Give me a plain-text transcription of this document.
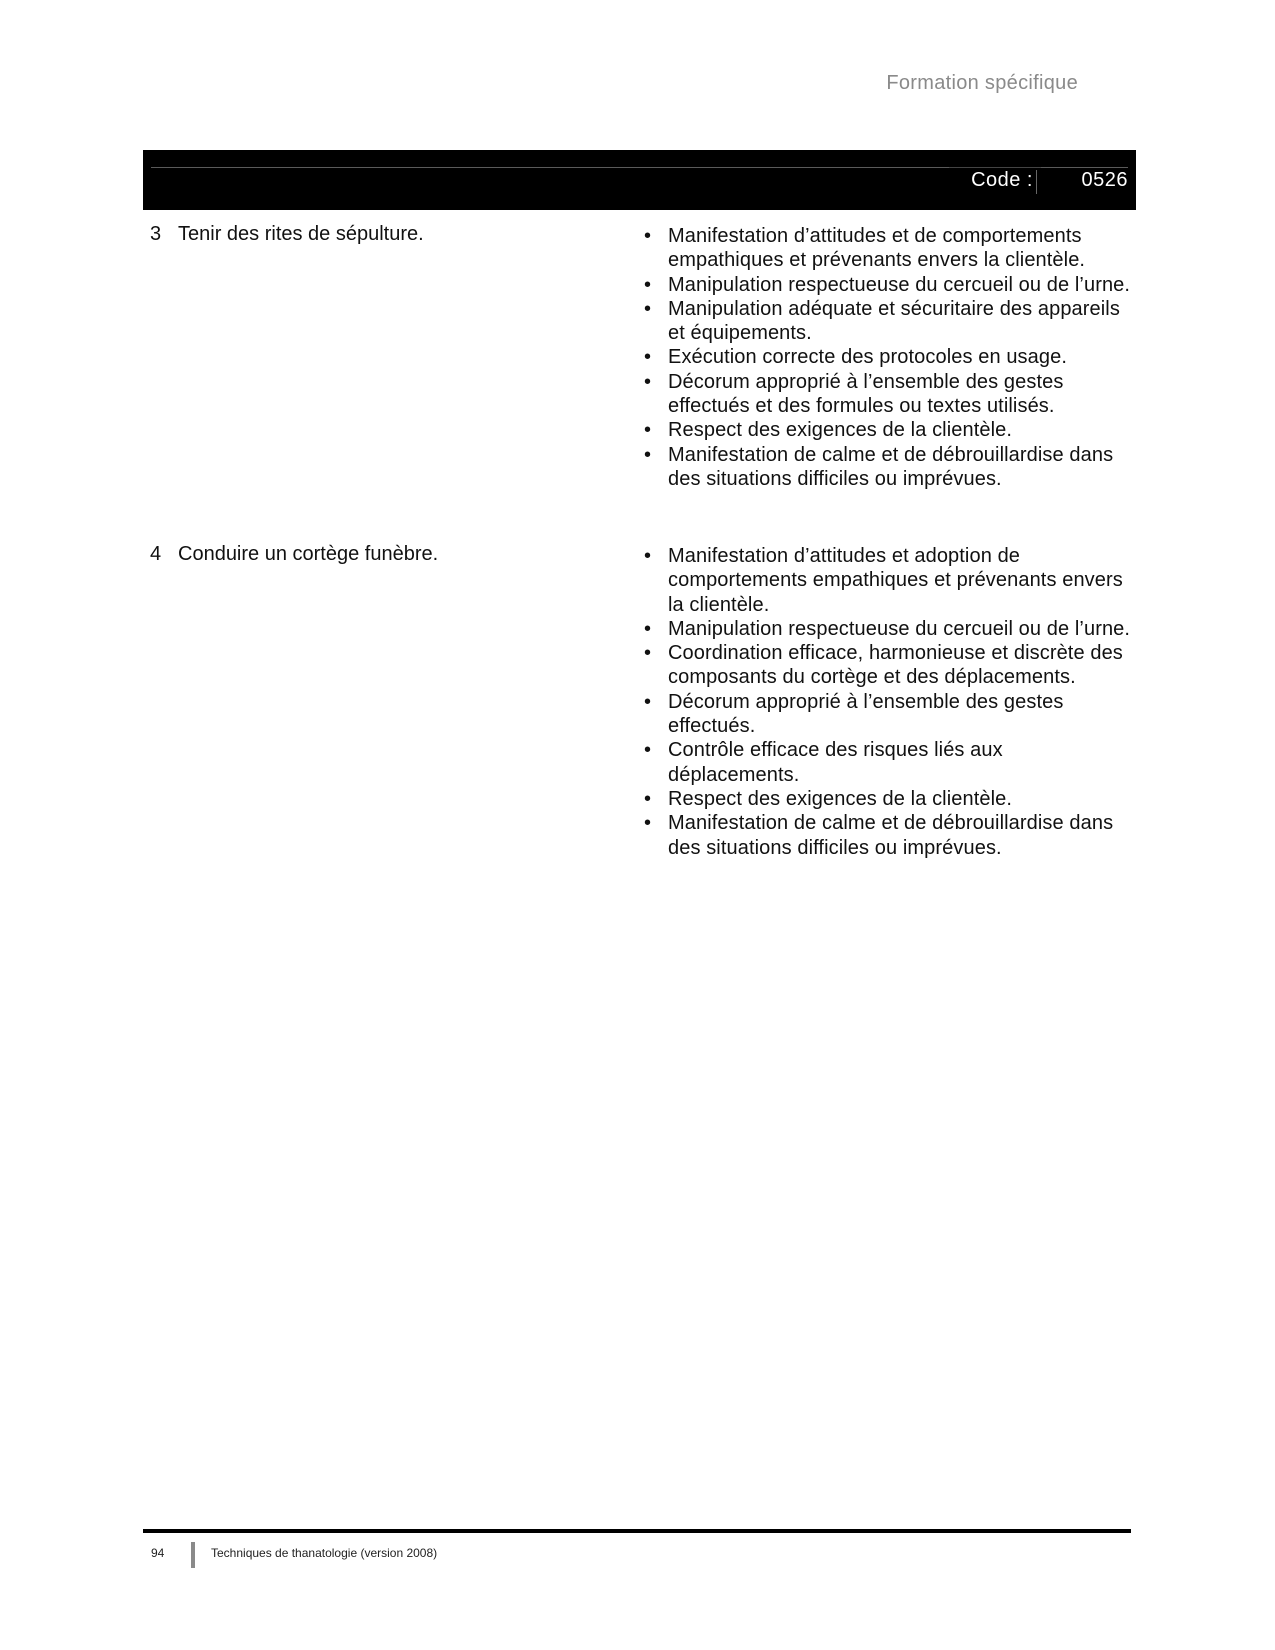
Formation spécifique
Code : 0526
3 Tenir des rites de sépulture.	• Manifestation d’attitudes et de comportements empathiques et prévenants envers la clientèle.
• Manipulation respectueuse du cercueil ou de l’urne.
• Manipulation adéquate et sécuritaire des appareils et équipements.
• Exécution correcte des protocoles en usage.
• Décorum approprié à l’ensemble des gestes effectués et des formules ou textes utilisés.
• Respect des exigences de la clientèle.
• Manifestation de calme et de débrouillardise dans des situations difficiles ou imprévues.
4 Conduire un cortège funèbre.	• Manifestation d’attitudes et adoption de comportements empathiques et prévenants envers la clientèle.
• Manipulation respectueuse du cercueil ou de l’urne.
• Coordination efficace, harmonieuse et discrète des composants du cortège et des déplacements.
• Décorum approprié à l’ensemble des gestes effectués.
• Contrôle efficace des risques liés aux déplacements.
• Respect des exigences de la clientèle.
• Manifestation de calme et de débrouillardise dans des situations difficiles ou imprévues.
94	Techniques de thanatologie (version 2008)
